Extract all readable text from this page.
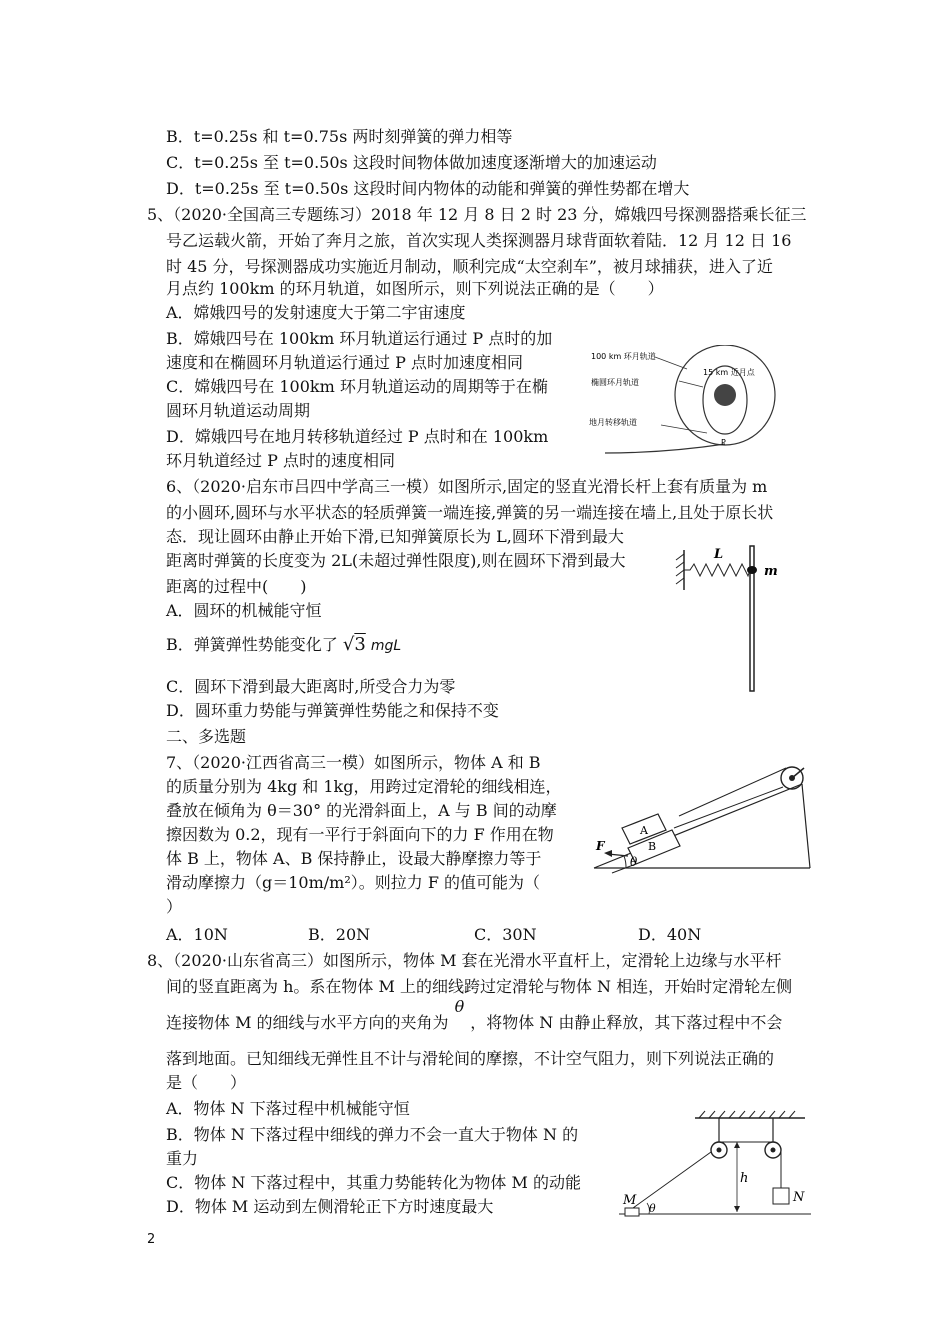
B．t=0.25s 和 t=0.75s 两时刻弹簧的弹力相等
C．t=0.25s 至 t=0.50s 这段时间物体做加速度逐渐增大的加速运动
D．t=0.25s 至 t=0.50s 这段时间内物体的动能和弹簧的弹性势都在增大
5、（2020·全国高三专题练习）2018 年 12 月 8 日 2 时 23 分，嫦娥四号探测器搭乘长征三
号乙运载火箭，开始了奔月之旅，首次实现人类探测器月球背面软着陆．12 月 12 日 16
时 45 分，号探测器成功实施近月制动，顺利完成“太空刹车”，被月球捕获，进入了近
月点约 100km 的环月轨道，如图所示，则下列说法正确的是（　　）
A．嫦娥四号的发射速度大于第二宇宙速度
B．嫦娥四号在 100km 环月轨道运行通过 P 点时的加
速度和在椭圆环月轨道运行通过 P 点时加速度相同
C．嫦娥四号在 100km 环月轨道运动的周期等于在椭
圆环月轨道运动周期
D．嫦娥四号在地月转移轨道经过 P 点时和在 100km
环月轨道经过 P 点时的速度相同
100 km 环月轨道
15 km 近月点
椭圆环月轨道
地月转移轨道
P
6、（2020·启东市吕四中学高三一模）如图所示,固定的竖直光滑长杆上套有质量为 m
的小圆环,圆环与水平状态的轻质弹簧一端连接,弹簧的另一端连接在墙上,且处于原长状
态．现让圆环由静止开始下滑,已知弹簧原长为 L,圆环下滑到最大
距离时弹簧的长度变为 2L(未超过弹性限度),则在圆环下滑到最大
距离的过程中(　　)
A．圆环的机械能守恒
B．弹簧弹性势能变化了 √3 mgL
C．圆环下滑到最大距离时,所受合力为零
D．圆环重力势能与弹簧弹性势能之和保持不变
L
m
二、多选题
7、（2020·江西省高三一模）如图所示，物体 A 和 B
的质量分别为 4kg 和 1kg，用跨过定滑轮的细线相连，
叠放在倾角为 θ＝30° 的光滑斜面上，A 与 B 间的动摩
擦因数为 0.2，现有一平行于斜面向下的力 F 作用在物
体 B 上，物体 A、B 保持静止，设最大静摩擦力等于
滑动摩擦力（g＝10m/m²）。则拉力 F 的值可能为（
）
A．10N	B．20N	C．30N	D．40N
A
B
F
θ
8、（2020·山东省高三）如图所示，物体 M 套在光滑水平直杆上，定滑轮上边缘与水平杆
间的竖直距离为 h。系在物体 M 上的细线跨过定滑轮与物体 N 相连，开始时定滑轮左侧
连接物体 M 的细线与水平方向的夹角为θ，将物体 N 由静止释放，其下落过程中不会
落到地面。已知细线无弹性且不计与滑轮间的摩擦，不计空气阻力，则下列说法正确的
是（　　）
A．物体 N 下落过程中机械能守恒
B．物体 N 下落过程中细线的弹力不会一直大于物体 N 的
重力
C．物体 N 下落过程中，其重力势能转化为物体 M 的动能
D．物体 M 运动到左侧滑轮正下方时速度最大
h
M	N
θ
2
